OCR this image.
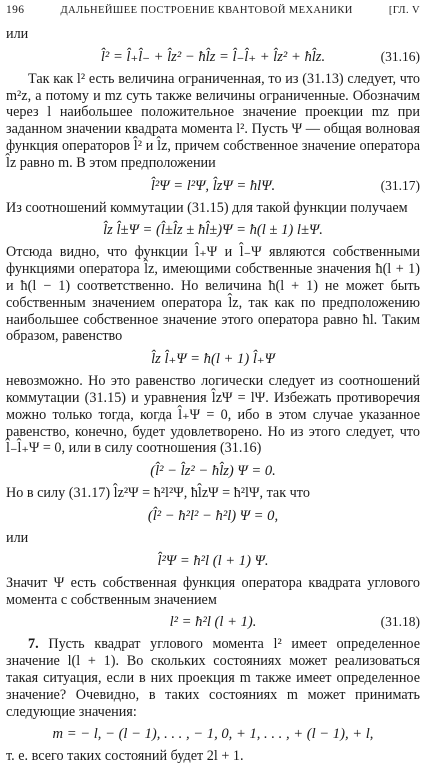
196	ДАЛЬНЕЙШЕЕ ПОСТРОЕНИЕ КВАНТОВОЙ МЕХАНИКИ	[ГЛ. V

или

l̂² = l̂₊l̂₋ + l̂z² − ħl̂z = l̂₋l̂₊ + l̂z² + ħl̂z.	(31.16)

Так как l² есть величина ограниченная, то из (31.13) следует, что m²z, а потому и mz суть также величины ограниченные. Обозначим через l наибольшее положительное значение проекции mz при заданном значении квадрата момента l². Пусть Ψ — общая волновая функция операторов l̂² и l̂z, причем собственное значение оператора l̂z равно m. В этом предположении

l̂²Ψ = l²Ψ, l̂zΨ = ħlΨ.	(31.17)

Из соотношений коммутации (31.15) для такой функции получаем

l̂z l̂±Ψ = (l̂±l̂z ± ħl̂±)Ψ = ħ(l ± 1) l±Ψ.

Отсюда видно, что функции l̂₊Ψ и l̂₋Ψ являются собственными функциями оператора l̂z, имеющими собственные значения ħ(l + 1) и ħ(l − 1) соответственно. Но величина ħ(l + 1) не может быть собственным значением оператора l̂z, так как по предположению наибольшее собственное значение этого оператора равно ħl. Таким образом, равенство

l̂z l̂₊Ψ = ħ(l + 1) l̂₊Ψ

невозможно. Но это равенство логически следует из соотношений коммутации (31.15) и уравнения l̂zΨ = lΨ. Избежать противоречия можно только тогда, когда l̂₊Ψ = 0, ибо в этом случае указанное равенство, конечно, будет удовлетворено. Но из этого следует, что l̂₋l̂₊Ψ = 0, или в силу соотношения (31.16)

(l̂² − l̂z² − ħl̂z) Ψ = 0.

Но в силу (31.17) l̂z²Ψ = ħ²l²Ψ, ħl̂zΨ = ħ²lΨ, так что

(l̂² − ħ²l² − ħ²l) Ψ = 0,

или

l̂²Ψ = ħ²l (l + 1) Ψ.

Значит Ψ есть собственная функция оператора квадрата углового момента с собственным значением

l² = ħ²l (l + 1).	(31.18)

7. Пусть квадрат углового момента l² имеет определенное значение l(l + 1). Во скольких состояниях может реализоваться такая ситуация, если в них проекция m также имеет определенное значение? Очевидно, в таких состояниях m может принимать следующие значения:

m = − l, − (l − 1), . . . , − 1, 0, + 1, . . . , + (l − 1), + l,

т. е. всего таких состояний будет 2l + 1.
